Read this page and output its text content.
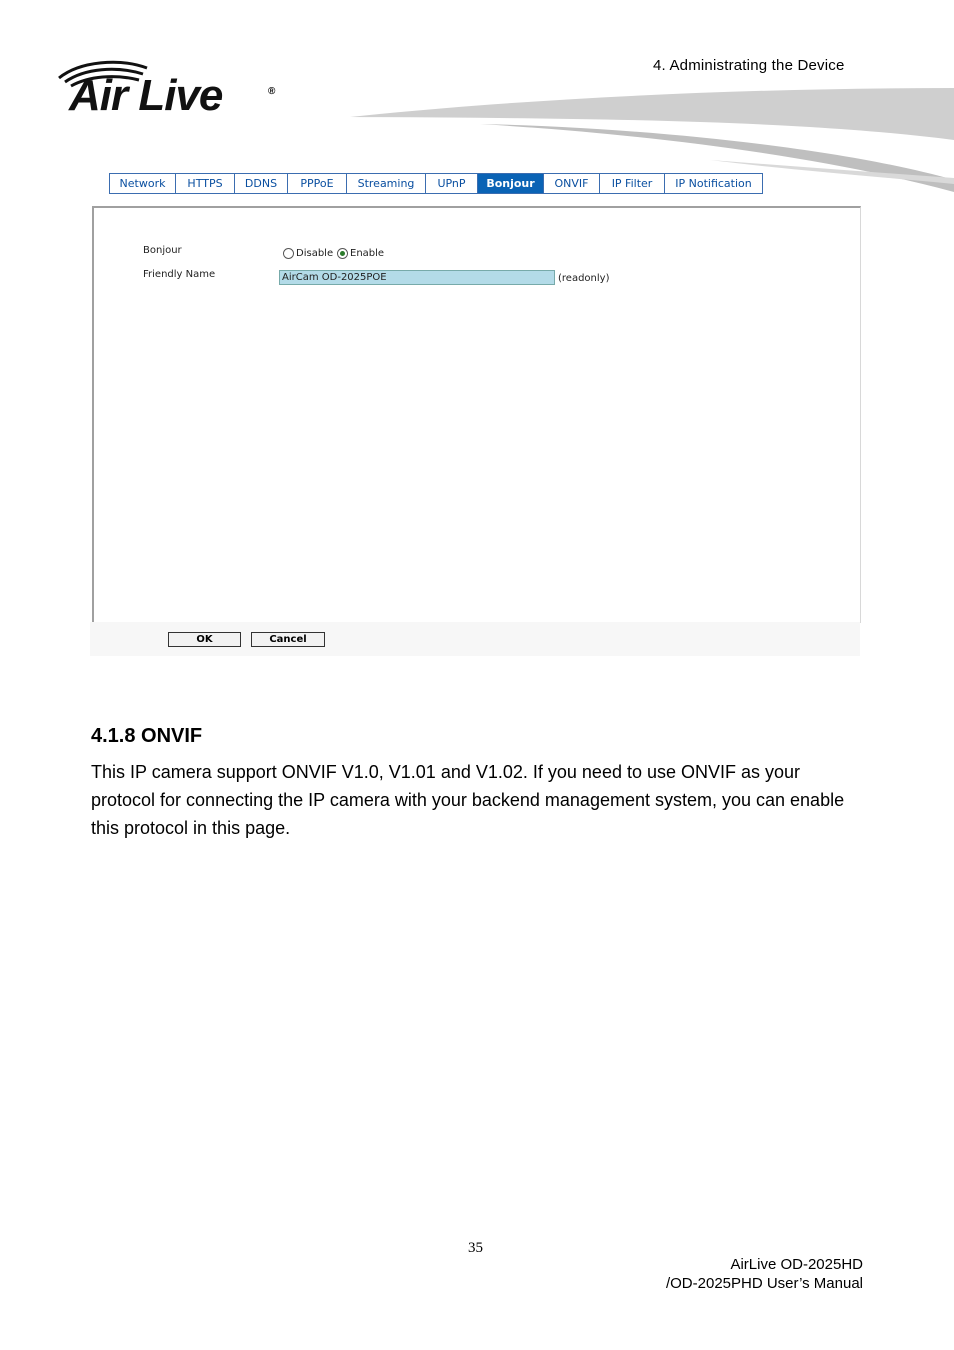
4. Administrating the Device
Air Live	®
Network	HTTPS	DDNS	PPPoE	Streaming	UPnP	Bonjour	ONVIF	IP Filter	IP Notification
Bonjour	Disable Enable
Friendly Name	AirCam OD-2025POE	(readonly)
OK	Cancel
4.1.8 ONVIF
This IP camera support ONVIF V1.0, V1.01 and V1.02. If you need to use ONVIF as your protocol for connecting the IP camera with your backend management system, you can enable this protocol in this page.
35
AirLive OD-2025HD
/OD-2025PHD User’s Manual
